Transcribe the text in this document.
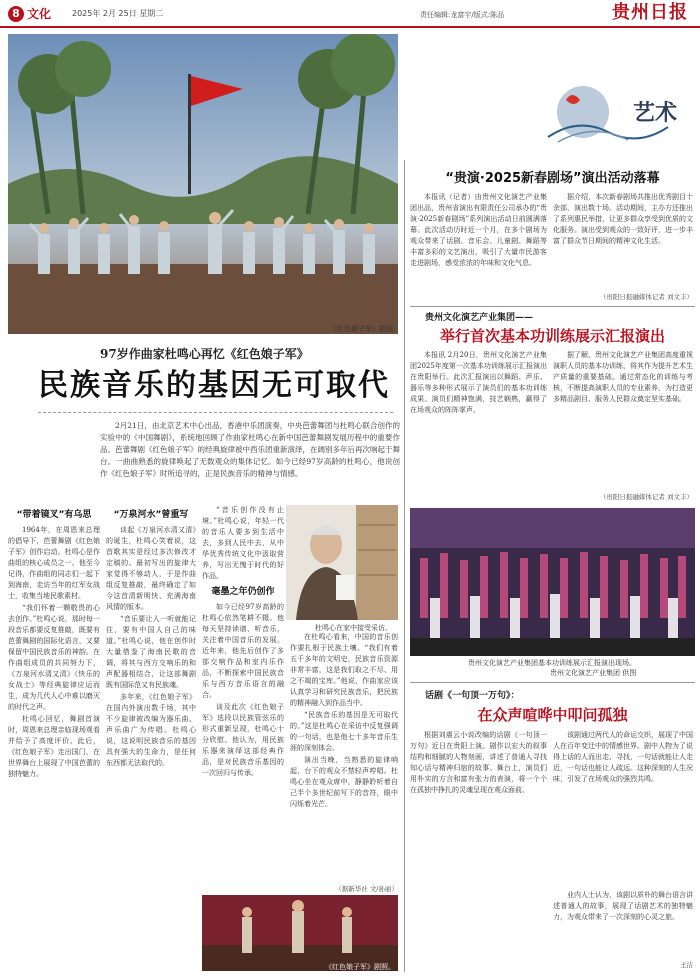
8 文化	2025年 2月 25日 星期二	责任编辑:龙富宇/版式:陈品	贵州日报
《红色娘子军》剧照。
艺术
“贵演·2025新春剧场”演出活动落幕

本报讯（记者）由贵州文化演艺产业集团出品，贵州省演出有限责任公司承办的“贵演·2025新春剧场”系列演出活动日前圆满落幕。此次活动历时近一个月，在多个剧场为观众带来了话剧、音乐会、儿童剧、舞蹈等丰富多彩的文艺演出，吸引了大量市民游客走进剧场，感受浓浓的年味和文化气息。

据介绍，本次新春剧场共推出优秀剧目十余部，演出数十场。活动期间，主办方还推出了系列惠民举措，让更多群众享受到优质的文化服务。演出受到观众的一致好评，进一步丰富了群众节日期间的精神文化生活。

（贵阳日报融媒体记者 刘文丰）
贵州文化演艺产业集团——
举行首次基本功训练展示汇报演出

本报讯 2月20日，贵州文化演艺产业集团2025年度第一次基本功训练展示汇报演出在贵阳举行。此次汇报演出以舞蹈、声乐、器乐等多种形式展示了演员们的基本功训练成果。演员们精神饱满，技艺娴熟，赢得了在场观众的阵阵掌声。

据了解，贵州文化演艺产业集团高度重视演职人员的基本功训练，将其作为提升艺术生产质量的重要基础。通过常态化的训练与考核，不断提高演职人员的专业素养，为打造更多精品剧目、服务人民群众奠定坚实基础。

（贵阳日报融媒体记者 刘文丰）
贵州文化演艺产业集团基本功训练展示汇报演出现场。
贵州文化演艺产业集团 供图
话剧《一句顶一万句》：
在众声喧哗中叩问孤独

根据刘震云小说改编的话剧《一句顶一万句》近日在贵阳上演。剧作以宏大的叙事结构和细腻的人物刻画，讲述了普通人寻找知心话与精神归宿的故事。舞台上，演员们用朴实的方言和富有张力的表演，将一个个在孤独中挣扎的灵魂呈现在观众面前。

该剧通过两代人的命运交织，展现了中国人在百年变迁中的情感世界。剧中人物为了说得上话的人而出走、寻找，一句话就能让人走近，一句话也能让人疏远。这种深刻的人生况味，引发了在场观众的强烈共鸣。

业内人士认为，该剧以质朴的舞台语言讲述普通人的故事，展现了话剧艺术的独特魅力，为观众带来了一次深刻的心灵之旅。

王洁
97岁作曲家杜鸣心再忆《红色娘子军》
民族音乐的基因无可取代

2月21日，由北京艺术中心出品，香港中乐团演奏，中央芭蕾舞团与杜鸣心联合创作的实验中的《中国舞剧》，系统地回顾了作曲家杜鸣心在新中国芭蕾舞剧发展历程中的重要作品。芭蕾舞剧《红色娘子军》的经典旋律被中西乐团重新演绎，在阔别多年后再次响起于舞台。一曲曲熟悉的旋律唤起了无数观众的集体记忆。如今已经97岁高龄的杜鸣心，他说创作《红色娘子军》时所追寻的，正是民族音乐的精神与情感。

杜鸣心在家中接受采访。
“带着镜叉”有乌思

1964年，在周恩来总理的倡导下，芭蕾舞剧《红色娘子军》创作启动。杜鸣心是作曲组的核心成员之一。他至今记得，作曲组的同志们一起下到海南，走访当年的红军女战士，收集当地民歌素材。

“我们怀着一颗敬畏的心去创作。”杜鸣心说，那时每一段音乐都要反复推敲，既要有芭蕾舞剧的国际化语言，又要保留中国民族音乐的神韵。在作曲组成员的共同努力下，《万泉河水清又清》《快乐的女战士》等经典旋律应运而生，成为几代人心中难以磨灭的时代之声。

杜鸣心回忆，舞剧首演时，周恩来总理亲临现场观看并给予了高度评价。此后，《红色娘子军》走出国门，在世界舞台上展现了中国芭蕾的独特魅力。

“万泉河水”曾重写

谈起《万泉河水清又清》的诞生，杜鸣心笑着说，这首歌其实是经过多次修改才定稿的。最初写出的旋律大家觉得不够动人，于是作曲组反复推敲，最终确定了如今这首清新明快、充满海南风情的版本。

“音乐要让人一听就能记住，要有中国人自己的味道。”杜鸣心说，他在创作时大量借鉴了海南民歌的音调，将其与西方交响乐的和声配器相结合，让这部舞剧既有国际范又有民族魂。

多年来，《红色娘子军》在国内外演出数千场，其中不少旋律被改编为器乐曲、声乐曲广为传唱。杜鸣心说，这说明民族音乐的基因具有强大的生命力，是任何东西都无法取代的。

“音乐创作没有止境。”杜鸣心说，年轻一代的音乐人要多到生活中去，多到人民中去，从中华优秀传统文化中汲取营养，写出无愧于时代的好作品。

毫墨之年仍创作

如今已经97岁高龄的杜鸣心依然笔耕不辍。他每天坚持读谱、听音乐，关注着中国音乐的发展。近年来，他先后创作了多部交响作品和室内乐作品，不断探索中国民族音乐与西方音乐语言的融合。

谈及此次《红色娘子军》选段以民族管弦乐的形式重新呈现，杜鸣心十分欣慰。他认为，用民族乐器来演绎这部经典作品，是对民族音乐基因的一次回归与传承。

在杜鸣心看来，中国的音乐创作要扎根于民族土壤。“我们有着五千多年的文明史，民族音乐资源非常丰富，这是我们取之不尽、用之不竭的宝库。”他说，作曲家应该认真学习和研究民族音乐，把民族的精神融入到作品当中。

“民族音乐的基因是无可取代的。”这是杜鸣心在采访中反复强调的一句话，也是他七十多年音乐生涯的深刻体会。

演出当晚，当熟悉的旋律响起，台下的观众不禁轻声哼唱。杜鸣心坐在观众席中，静静聆听着自己半个多世纪前写下的音符，眼中闪烁着光芒。

（据新华社 文/孙丽）
《红色娘子军》剧照。
